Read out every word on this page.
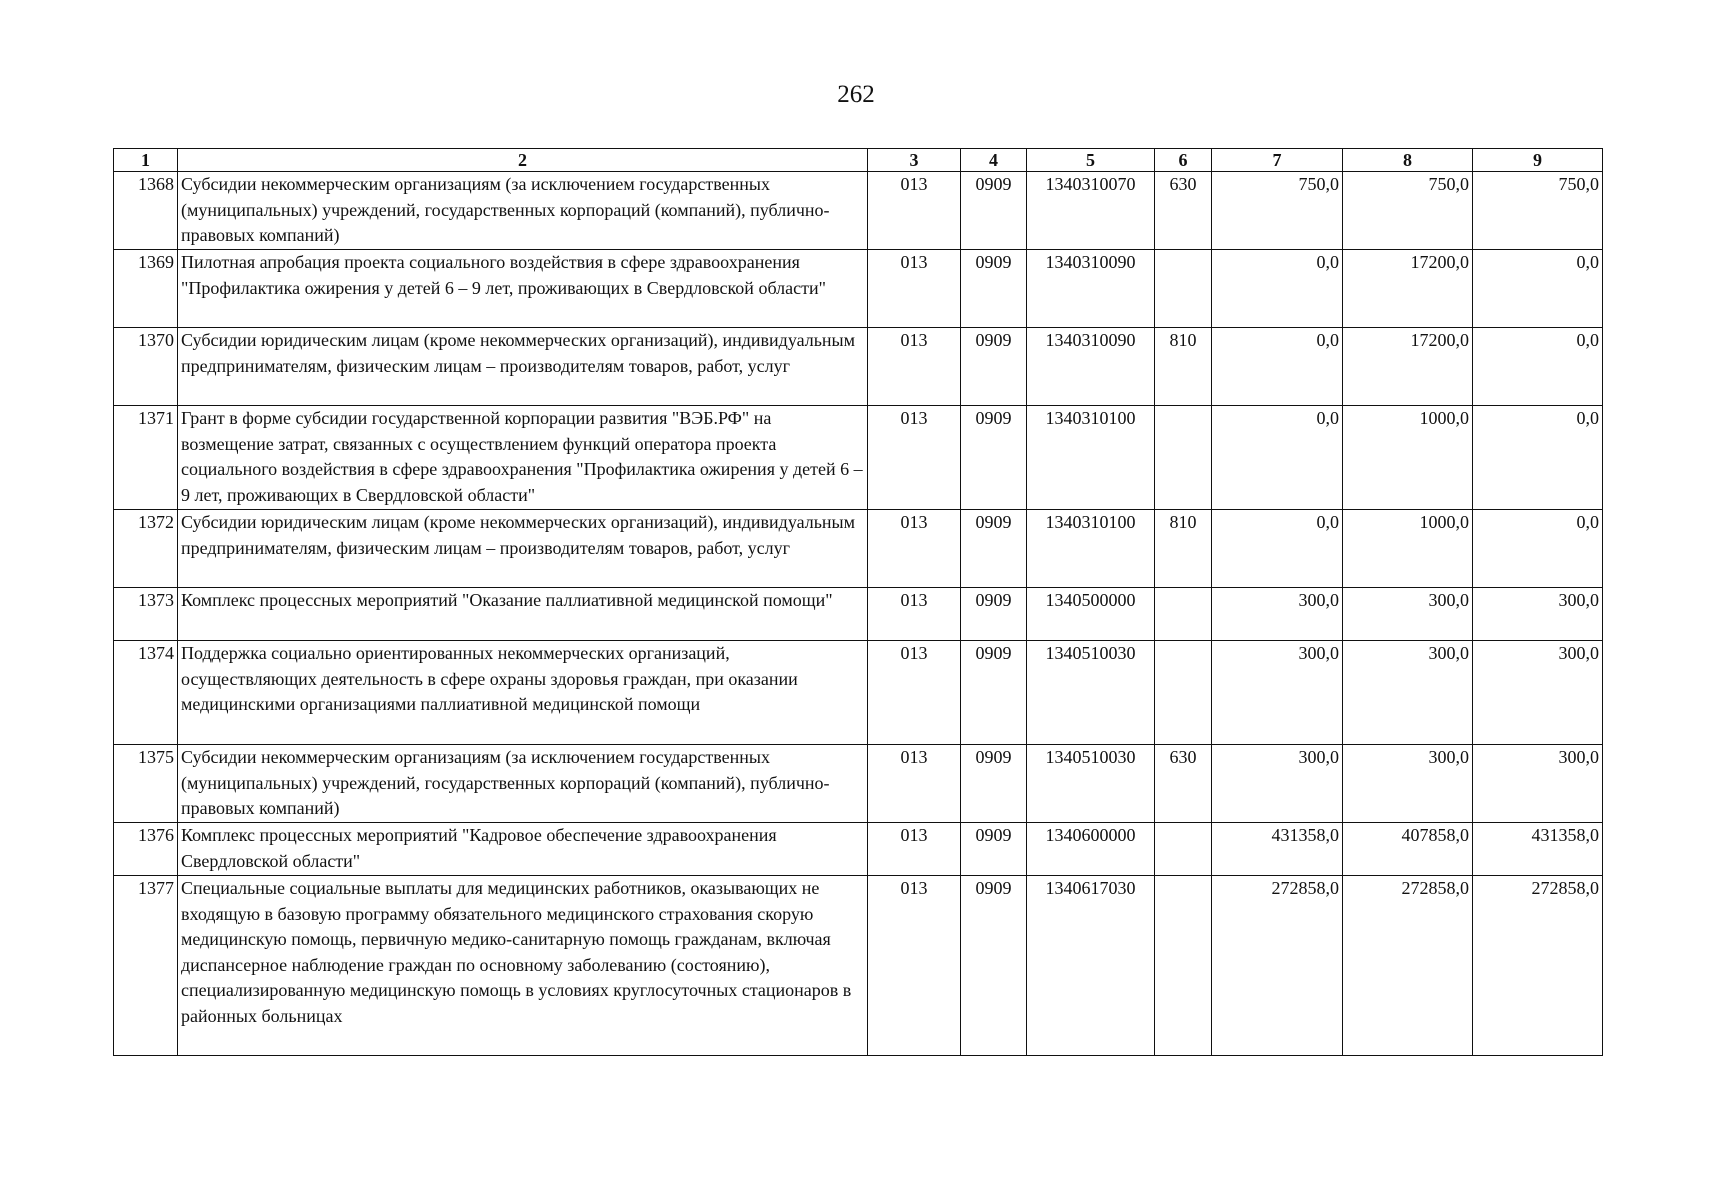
262
1	2	3	4	5	6	7	8	9
1368	Субсидии некоммерческим организациям (за исключением государственных (муниципальных) учреждений, государственных корпораций (компаний), публично-правовых компаний)	013	0909	1340310070	630	750,0	750,0	750,0
1369	Пилотная апробация проекта социального воздействия в сфере здравоохранения "Профилактика ожирения у детей 6 – 9 лет, проживающих в Свердловской области"	013	0909	1340310090		0,0	17200,0	0,0
1370	Субсидии юридическим лицам (кроме некоммерческих организаций), индивидуальным предпринимателям, физическим лицам – производителям товаров, работ, услуг	013	0909	1340310090	810	0,0	17200,0	0,0
1371	Грант в форме субсидии государственной корпорации развития "ВЭБ.РФ" на возмещение затрат, связанных с осуществлением функций оператора проекта социального воздействия в сфере здравоохранения "Профилактика ожирения у детей 6 – 9 лет, проживающих в Свердловской области"	013	0909	1340310100		0,0	1000,0	0,0
1372	Субсидии юридическим лицам (кроме некоммерческих организаций), индивидуальным предпринимателям, физическим лицам – производителям товаров, работ, услуг	013	0909	1340310100	810	0,0	1000,0	0,0
1373	Комплекс процессных мероприятий "Оказание паллиативной медицинской помощи"	013	0909	1340500000		300,0	300,0	300,0
1374	Поддержка социально ориентированных некоммерческих организаций, осуществляющих деятельность в сфере охраны здоровья граждан, при оказании медицинскими организациями паллиативной медицинской помощи	013	0909	1340510030		300,0	300,0	300,0
1375	Субсидии некоммерческим организациям (за исключением государственных (муниципальных) учреждений, государственных корпораций (компаний), публично-правовых компаний)	013	0909	1340510030	630	300,0	300,0	300,0
1376	Комплекс процессных мероприятий "Кадровое обеспечение здравоохранения Свердловской области"	013	0909	1340600000		431358,0	407858,0	431358,0
1377	Специальные социальные выплаты для медицинских работников, оказывающих не входящую в базовую программу обязательного медицинского страхования скорую медицинскую помощь, первичную медико-санитарную помощь гражданам, включая диспансерное наблюдение граждан по основному заболеванию (состоянию), специализированную медицинскую помощь в условиях круглосуточных стационаров в районных больницах	013	0909	1340617030		272858,0	272858,0	272858,0
